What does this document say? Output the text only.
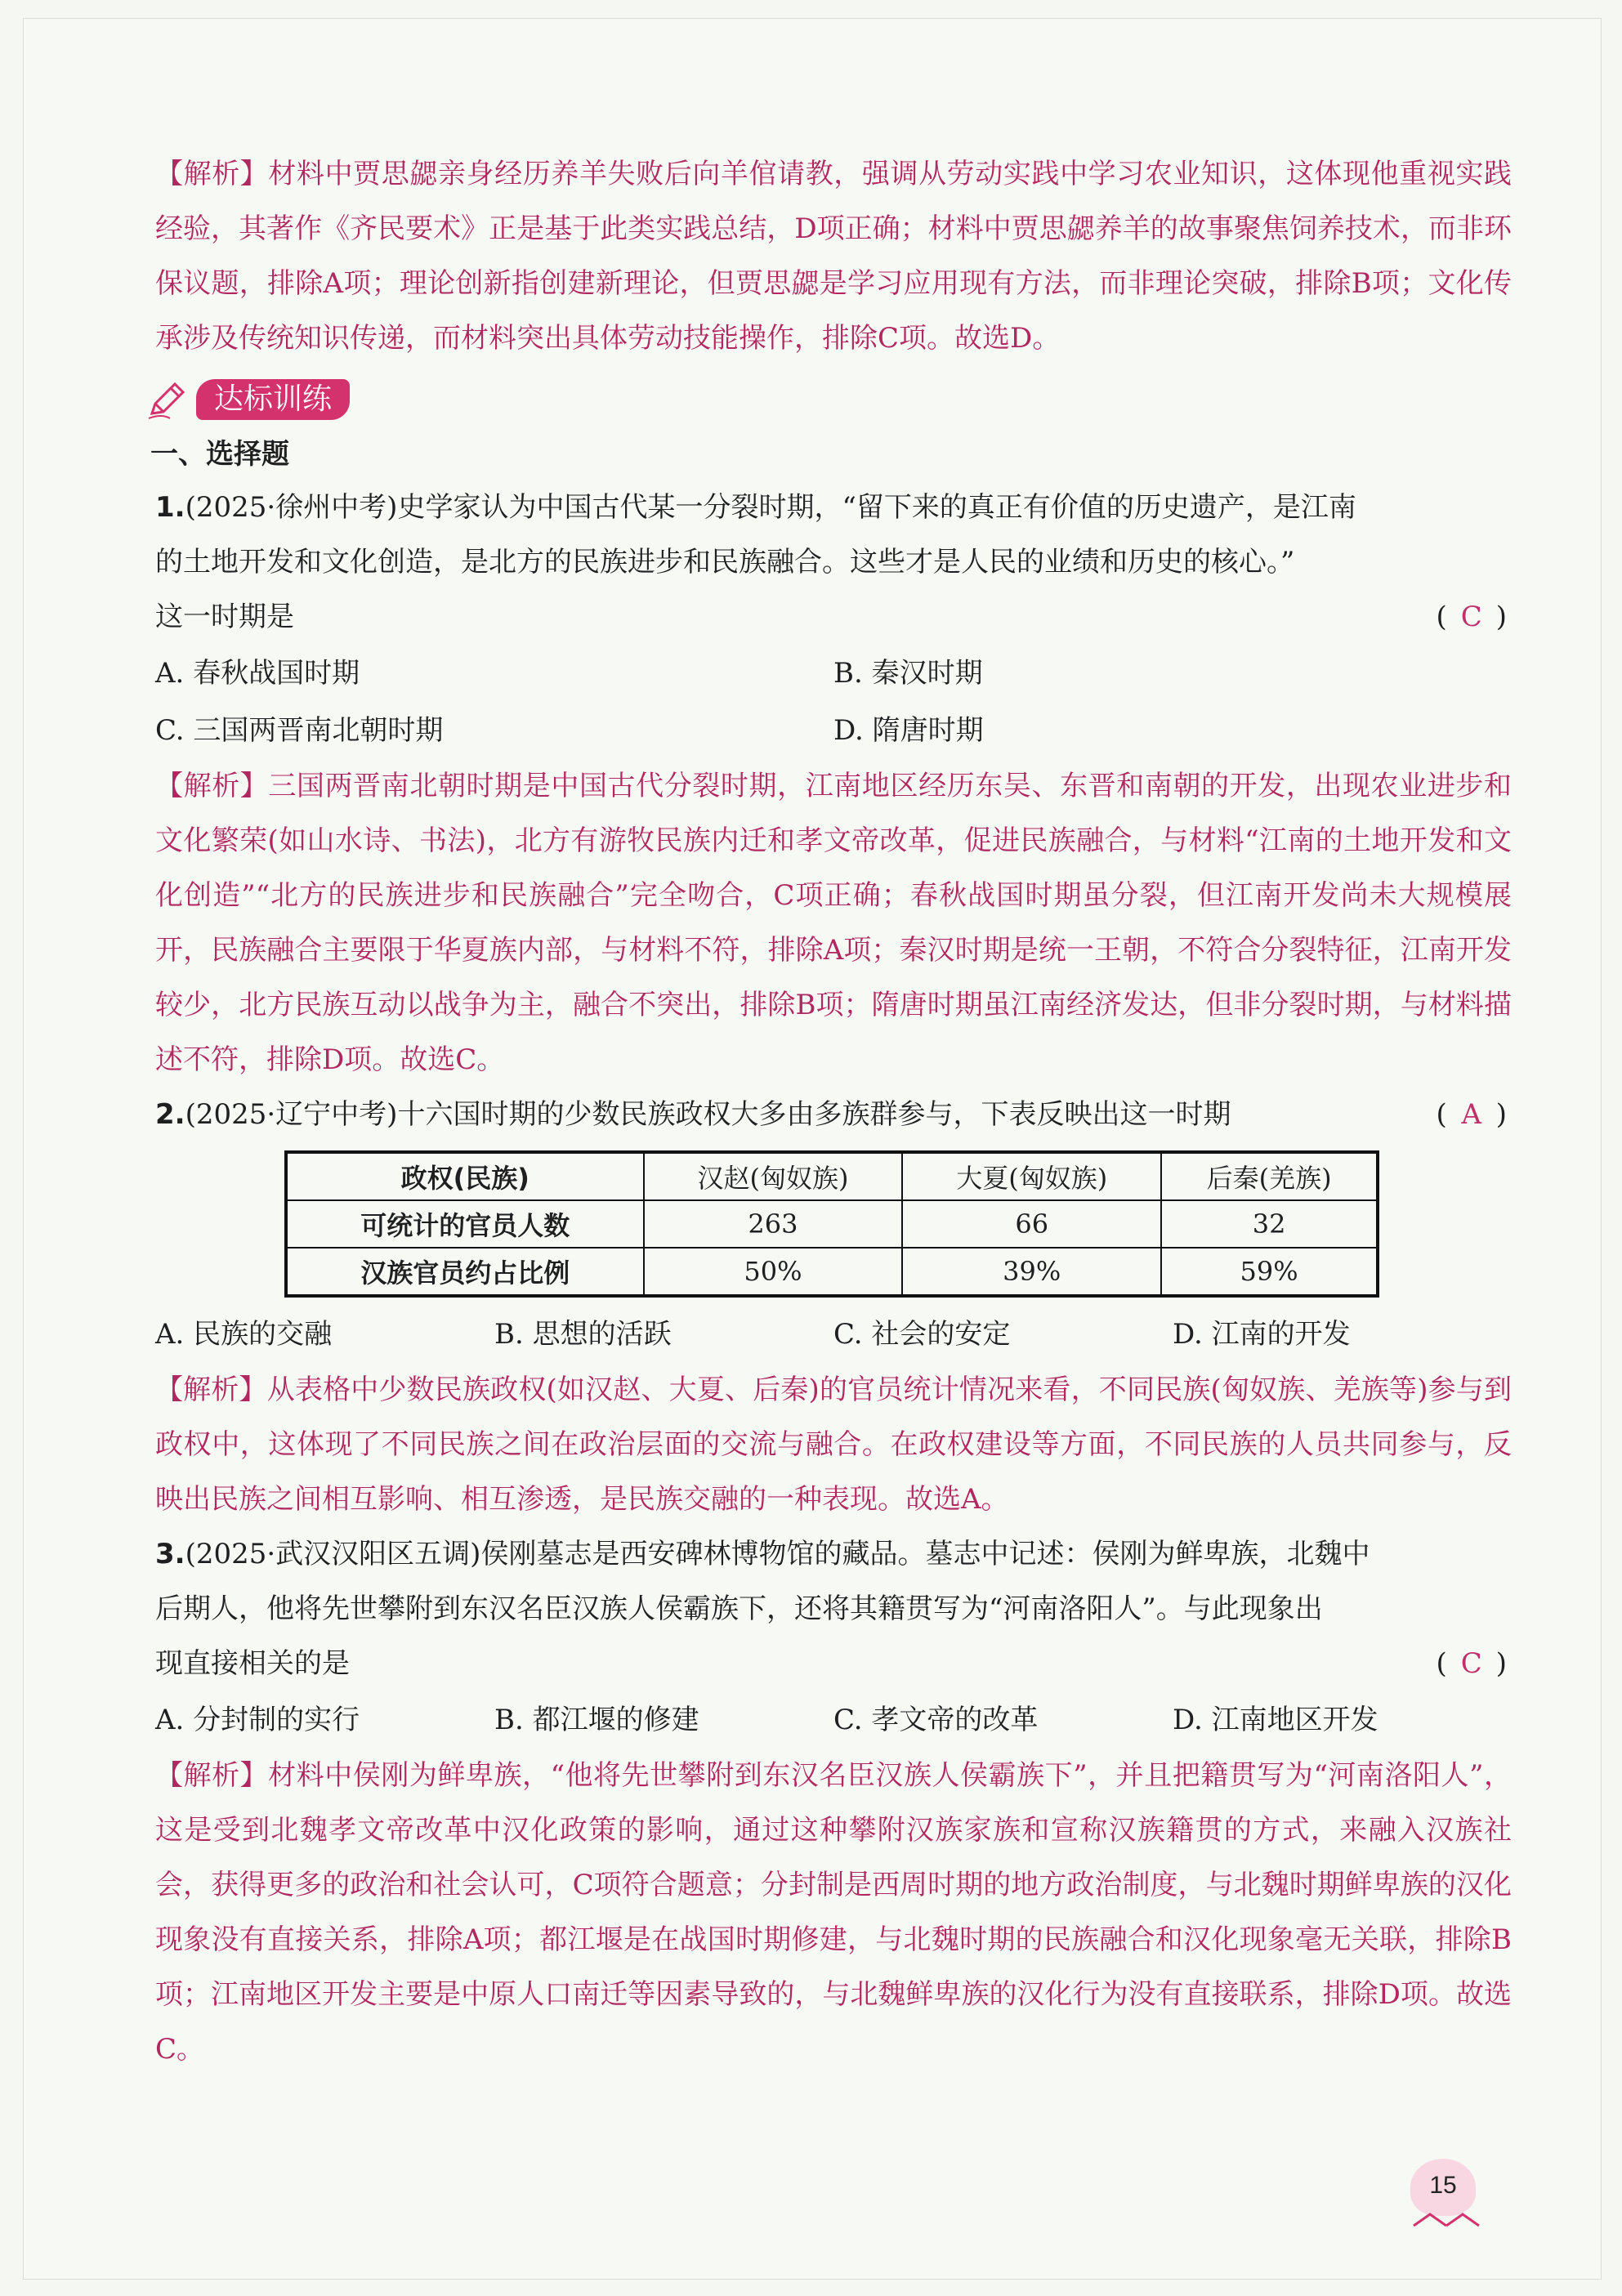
【解析】材料中贾思勰亲身经历养羊失败后向羊倌请教，强调从劳动实践中学习农业知识，这体现他重视实践经验，其著作《齐民要术》正是基于此类实践总结，D项正确；材料中贾思勰养羊的故事聚焦饲养技术，而非环保议题，排除A项；理论创新指创建新理论，但贾思勰是学习应用现有方法，而非理论突破，排除B项；文化传承涉及传统知识传递，而材料突出具体劳动技能操作，排除C项。故选D。
达标训练
一、选择题
1.(2025·徐州中考)史学家认为中国古代某一分裂时期，“留下来的真正有价值的历史遗产，是江南
的土地开发和文化创造，是北方的民族进步和民族融合。这些才是人民的业绩和历史的核心。”
这一时期是	( C )
A. 春秋战国时期	B. 秦汉时期
C. 三国两晋南北朝时期	D. 隋唐时期
【解析】三国两晋南北朝时期是中国古代分裂时期，江南地区经历东吴、东晋和南朝的开发，出现农业进步和文化繁荣(如山水诗、书法)，北方有游牧民族内迁和孝文帝改革，促进民族融合，与材料“江南的土地开发和文化创造”“北方的民族进步和民族融合”完全吻合，C项正确；春秋战国时期虽分裂，但江南开发尚未大规模展开，民族融合主要限于华夏族内部，与材料不符，排除A项；秦汉时期是统一王朝，不符合分裂特征，江南开发较少，北方民族互动以战争为主，融合不突出，排除B项；隋唐时期虽江南经济发达，但非分裂时期，与材料描述不符，排除D项。故选C。
2.(2025·辽宁中考)十六国时期的少数民族政权大多由多族群参与，下表反映出这一时期	( A )
政权(民族)	汉赵(匈奴族)	大夏(匈奴族)	后秦(羌族)
可统计的官员人数	263	66	32
汉族官员约占比例	50%	39%	59%
A. 民族的交融	B. 思想的活跃	C. 社会的安定	D. 江南的开发
【解析】从表格中少数民族政权(如汉赵、大夏、后秦)的官员统计情况来看，不同民族(匈奴族、羌族等)参与到政权中，这体现了不同民族之间在政治层面的交流与融合。在政权建设等方面，不同民族的人员共同参与，反映出民族之间相互影响、相互渗透，是民族交融的一种表现。故选A。
3.(2025·武汉汉阳区五调)侯刚墓志是西安碑林博物馆的藏品。墓志中记述：侯刚为鲜卑族，北魏中
后期人，他将先世攀附到东汉名臣汉族人侯霸族下，还将其籍贯写为“河南洛阳人”。与此现象出
现直接相关的是	( C )
A. 分封制的实行	B. 都江堰的修建	C. 孝文帝的改革	D. 江南地区开发
【解析】材料中侯刚为鲜卑族，“他将先世攀附到东汉名臣汉族人侯霸族下”，并且把籍贯写为“河南洛阳人”，这是受到北魏孝文帝改革中汉化政策的影响，通过这种攀附汉族家族和宣称汉族籍贯的方式，来融入汉族社会，获得更多的政治和社会认可，C项符合题意；分封制是西周时期的地方政治制度，与北魏时期鲜卑族的汉化现象没有直接关系，排除A项；都江堰是在战国时期修建，与北魏时期的民族融合和汉化现象毫无关联，排除B项；江南地区开发主要是中原人口南迁等因素导致的，与北魏鲜卑族的汉化行为没有直接联系，排除D项。故选C。
15
